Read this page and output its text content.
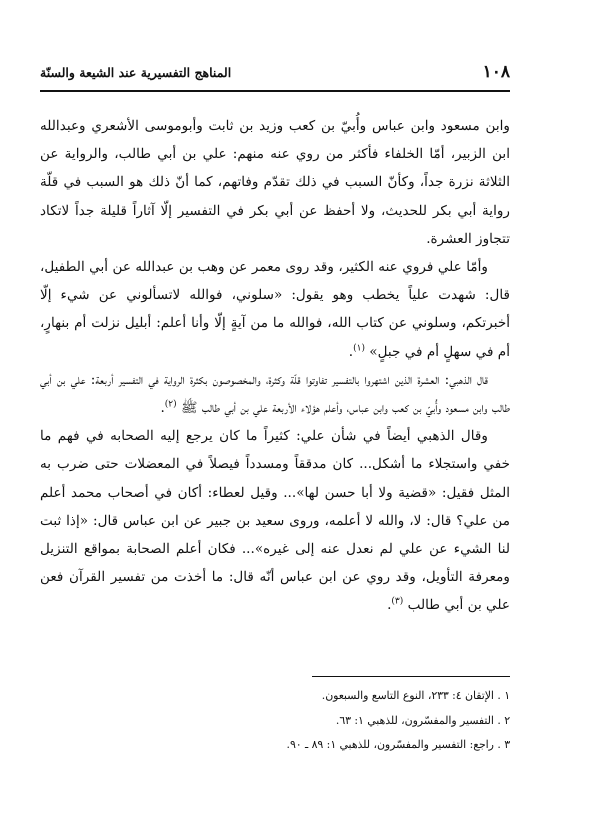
١٠٨
المناهج التفسيرية عند الشيعة والسنّة

وابن مسعود وابن عباس وأُبيّ بن كعب وزيد بن ثابت وأبوموسى الأشعري وعبدالله ابن الزبير، أمّا الخلفاء فأكثر من روي عنه منهم: علي بن أبي طالب، والرواية عن الثلاثة نزرة جداً، وكأنّ السبب في ذلك تقدّم وفاتهم، كما أنّ ذلك هو السبب في قلّة رواية أبي بكر للحديث، ولا أحفظ عن أبي بكر في التفسير إلّا آثاراً قليلة جداً لاتكاد تتجاوز العشرة.

وأمّا علي فروي عنه الكثير، وقد روى معمر عن وهب بن عبدالله عن أبي الطفيل، قال: شهدت علياً يخطب وهو يقول: «سلوني، فوالله لاتسألوني عن شيء إلّا أخبرتكم، وسلوني عن كتاب الله، فوالله ما من آيةٍ إلّا وأنا أعلم: أبليل نزلت أم بنهارٍ، أم في سهلٍ أم في جبلٍ» $^{(١)}$.

قال الذهبي: العشرة الذين اشتهروا بالتفسير تفاوتوا قلّة وكثرة، والمخصوصون بكثرة الرواية في التفسير أربعة: علي بن أبي طالب وابن مسعود وأُبيّ بن كعب وابن عباس، وأعلم هؤلاء الأربعة علي بن أبي طالب ﷺ $^{(٢)}$.

وقال الذهبي أيضاً في شأن علي: كثيراً ما كان يرجع إليه الصحابه في فهم ما خفي واستجلاء ما أشكل... كان مدققاً ومسدداً فيصلاً في المعضلات حتى ضرب به المثل فقيل: «قضية ولا أبا حسن لها»... وقيل لعطاء: أكان في أصحاب محمد أعلم من علي؟ قال: لا، والله لا أعلمه، وروى سعيد بن جبير عن ابن عباس قال: «إذا ثبت لنا الشيء عن علي لم نعدل عنه إلى غيره»... فكان أعلم الصحابة بمواقع التنزيل ومعرفة التأويل، وقد روي عن ابن عباس أنّه قال: ما أخذت من تفسير القرآن فعن علي بن أبي طالب $^{(٣)}$.

١ . الإتقان ٤: ٢٣٣، النوع التاسع والسبعون.
٢ . التفسير والمفسّرون، للذهبي ١: ٦٣.
٣ . راجع: التفسير والمفسّرون، للذهبي ١: ٨٩ ـ ٩٠.
